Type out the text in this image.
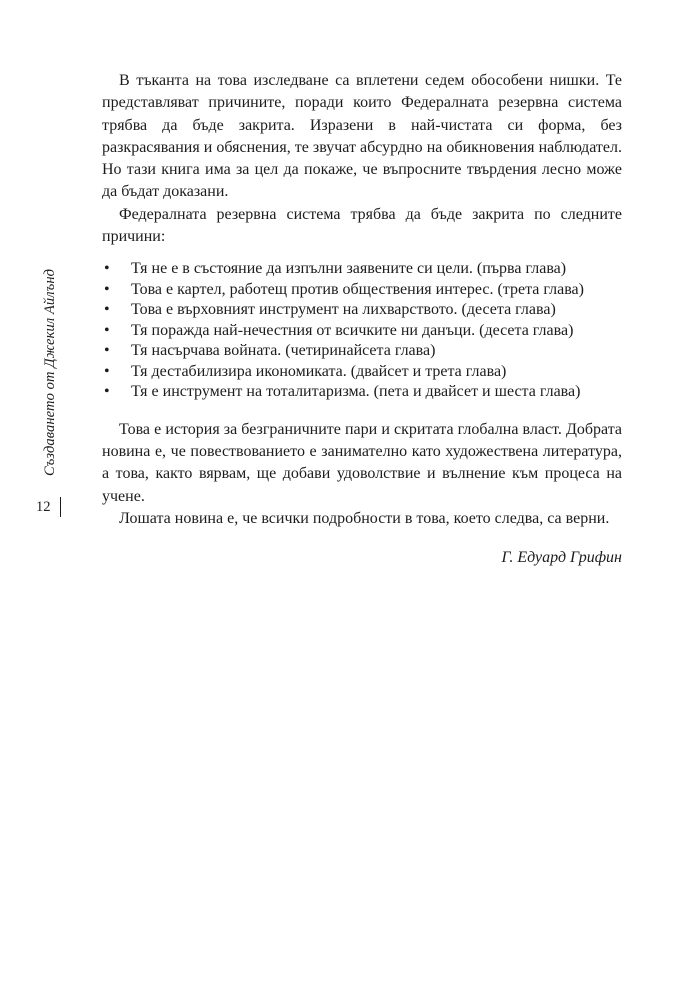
Създаването от Джекил Айлънд
12

В тъканта на това изследване са вплетени седем обособени нишки. Те представляват причините, поради които Федералната резервна система трябва да бъде закрита. Изразени в най-чистата си форма, без разкрасявания и обяснения, те звучат абсурдно на обикновения наблюдател. Но тази книга има за цел да покаже, че въпросните твърдения лесно може да бъдат доказани.

Федералната резервна система трябва да бъде закрита по следните причини:

• Тя не е в състояние да изпълни заявените си цели. (първа глава)
• Това е картел, работещ против обществения интерес. (трета глава)
• Това е върховният инструмент на лихварството. (десета глава)
• Тя поражда най-нечестния от всичките ни данъци. (десета глава)
• Тя насърчава войната. (четиринайсета глава)
• Тя дестабилизира икономиката. (двайсет и трета глава)
• Тя е инструмент на тоталитаризма. (пета и двайсет и шеста глава)

Това е история за безграничните пари и скритата глобална власт. Добрата новина е, че повествованието е занимателно като художествена литература, а това, както вярвам, ще добави удоволствие и вълнение към процеса на учене.

Лошата новина е, че всички подробности в това, което следва, са верни.

Г. Едуард Грифин
